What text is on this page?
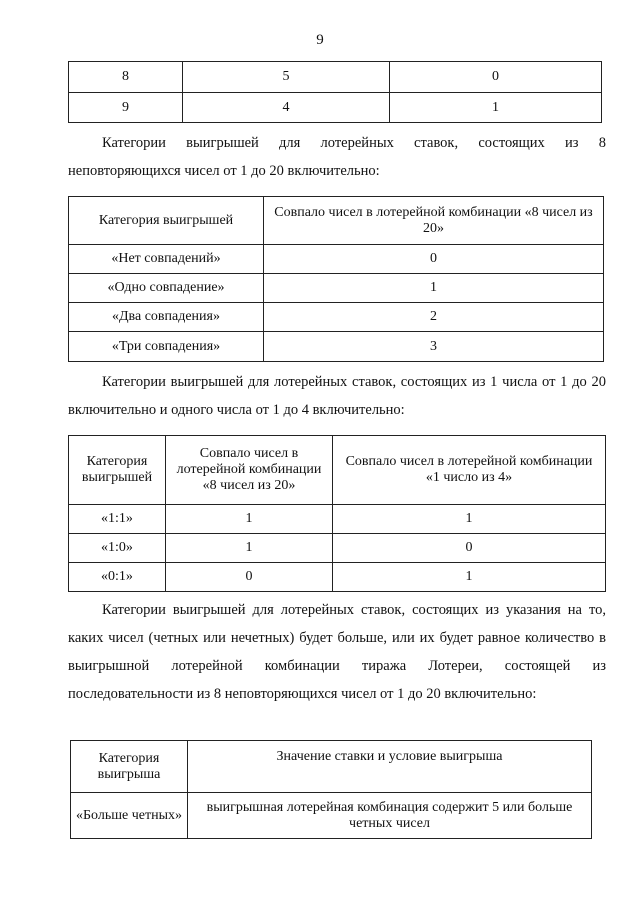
9
8	5	0
9	4	1

Категории выигрышей для лотерейных ставок, состоящих из 8 неповторяющихся чисел от 1 до 20 включительно:

Категория выигрышей	Совпало чисел в лотерейной комбинации «8 чисел из 20»
«Нет совпадений»	0
«Одно совпадение»	1
«Два совпадения»	2
«Три совпадения»	3

Категории выигрышей для лотерейных ставок, состоящих из 1 числа от 1 до 20 включительно и одного числа от 1 до 4 включительно:

Категория выигрышей	Совпало чисел в лотерейной комбинации «8 чисел из 20»	Совпало чисел в лотерейной комбинации «1 число из 4»
«1:1»	1	1
«1:0»	1	0
«0:1»	0	1

Категории выигрышей для лотерейных ставок, состоящих из указания на то, каких чисел (четных или нечетных) будет больше, или их будет равное количество в выигрышной лотерейной комбинации тиража Лотереи, состоящей из последовательности из 8 неповторяющихся чисел от 1 до 20 включительно:

Категория выигрыша	Значение ставки и условие выигрыша
«Больше четных»	выигрышная лотерейная комбинация содержит 5 или больше четных чисел
